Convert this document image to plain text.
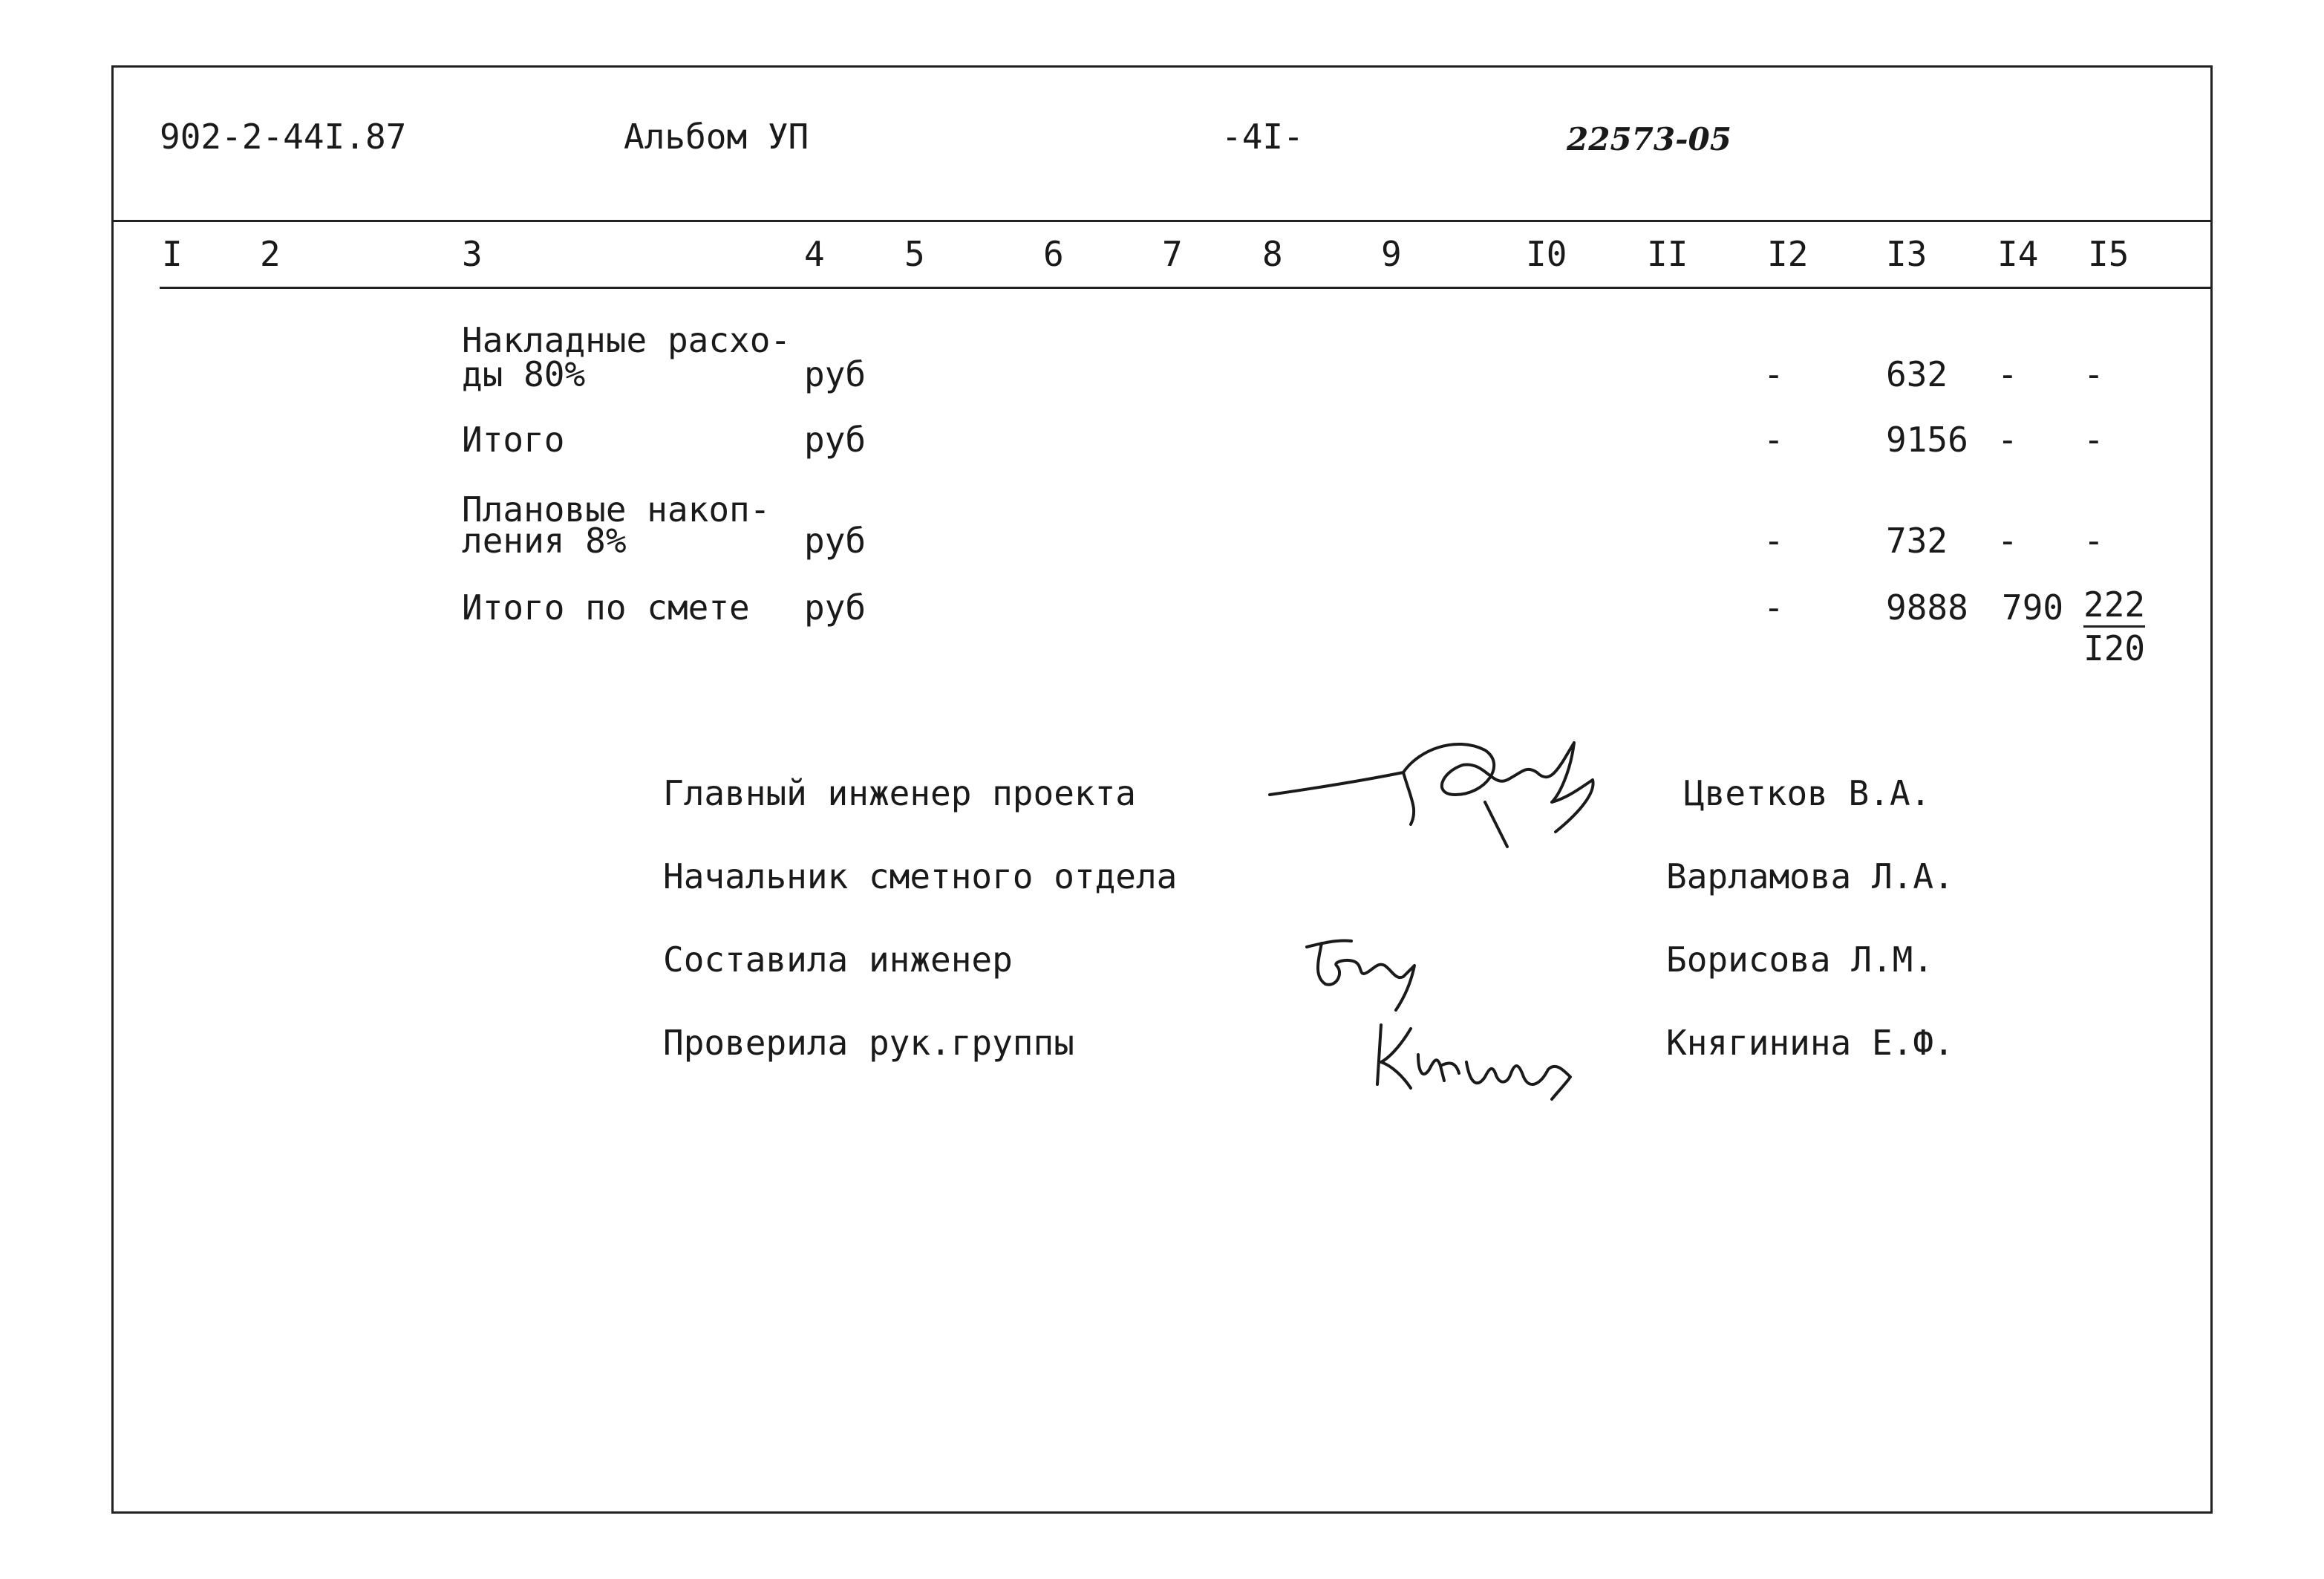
902-2-44I.87	Альбом УП	-4I-	22573-05
I 2	3	4 5	6	7 8	9	I0 II I2 I3 I4 I5
Накладные расхо-
ды 80%	руб	-	632 - -
Итого	руб	-	9156 - -
Плановые накоп-
ления 8%	руб	-	732 - -
Итого по смете руб	-	9888 $790 \frac{222}{I20}$
Главный инженер проекта	Цветков В.А.
Начальник сметного отдела	Варламова Л.А.
Составила инженер	Борисова Л.М.
Проверила рук.группы	Княгинина Е.Ф.
